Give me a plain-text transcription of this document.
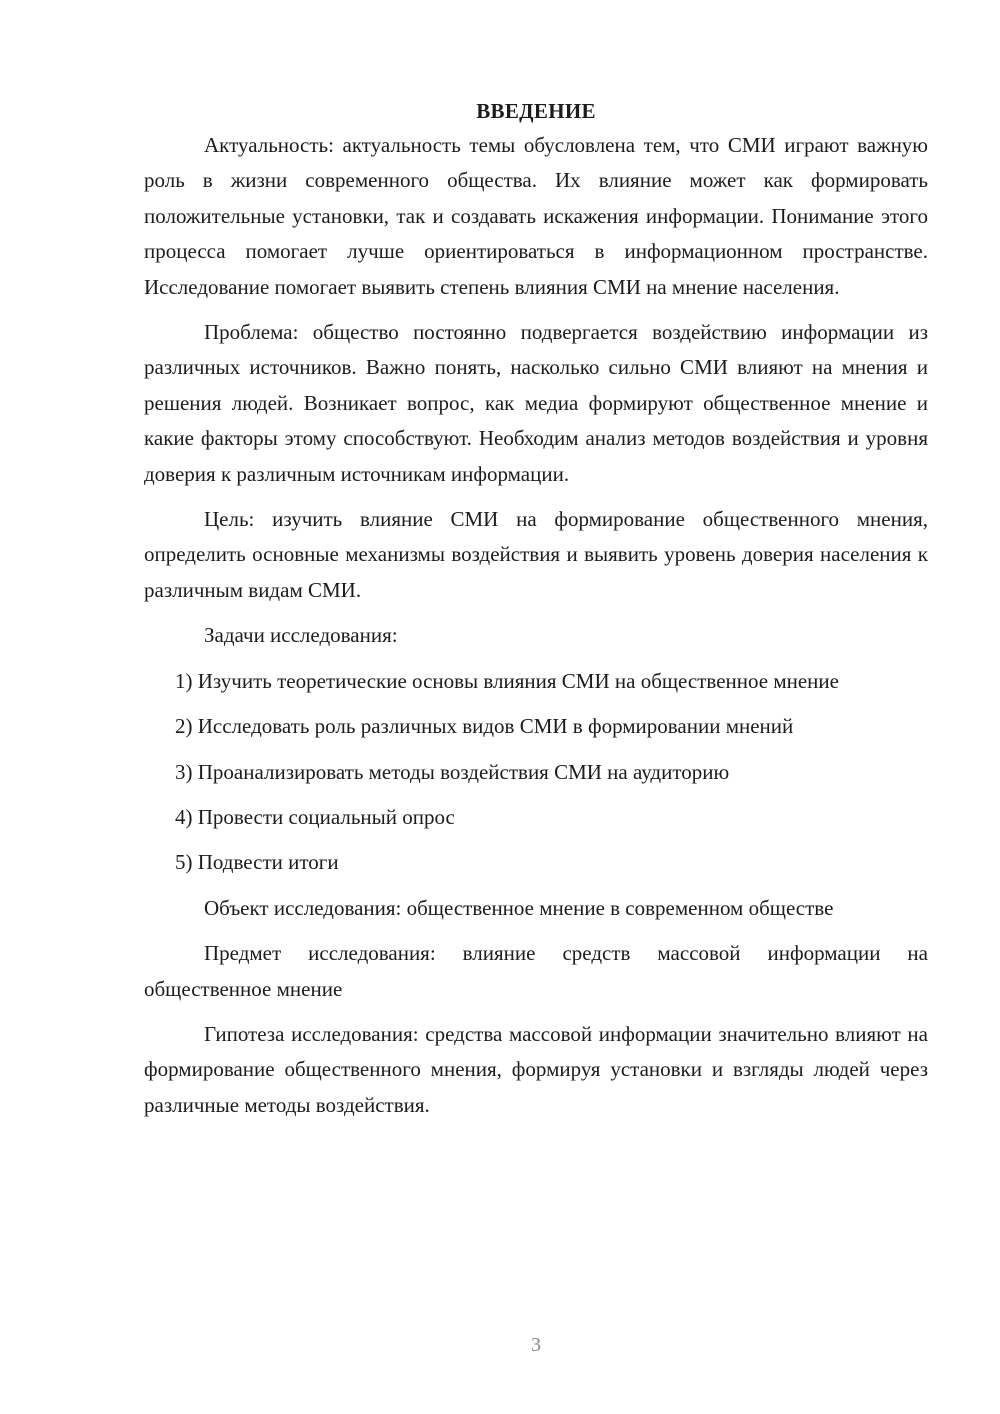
ВВЕДЕНИЕ

Актуальность: актуальность темы обусловлена тем, что СМИ играют важную роль в жизни современного общества. Их влияние может как формировать положительные установки, так и создавать искажения информации. Понимание этого процесса помогает лучше ориентироваться в информационном пространстве. Исследование помогает выявить степень влияния СМИ на мнение населения.

Проблема: общество постоянно подвергается воздействию информации из различных источников. Важно понять, насколько сильно СМИ влияют на мнения и решения людей. Возникает вопрос, как медиа формируют общественное мнение и какие факторы этому способствуют. Необходим анализ методов воздействия и уровня доверия к различным источникам информации.

Цель: изучить влияние СМИ на формирование общественного мнения, определить основные механизмы воздействия и выявить уровень доверия населения к различным видам СМИ.

Задачи исследования:

1) Изучить теоретические основы влияния СМИ на общественное мнение

2) Исследовать роль различных видов СМИ в формировании мнений

3) Проанализировать методы воздействия СМИ на аудиторию

4) Провести социальный опрос

5) Подвести итоги

Объект исследования: общественное мнение в современном обществе

Предмет исследования: влияние средств массовой информации на общественное мнение

Гипотеза исследования: средства массовой информации значительно влияют на формирование общественного мнения, формируя установки и взгляды людей через различные методы воздействия.

3
